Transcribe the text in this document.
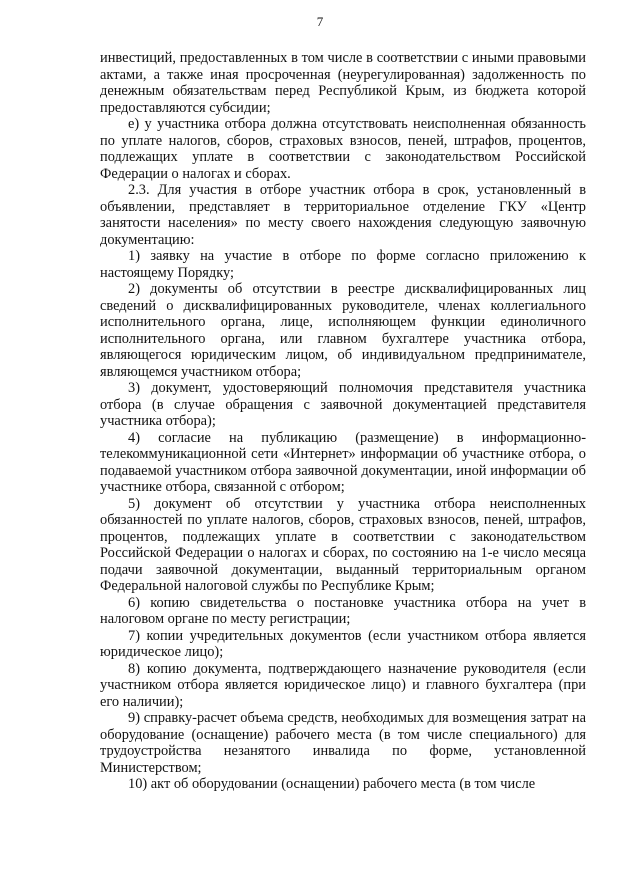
7

инвестиций, предоставленных в том числе в соответствии с иными правовыми актами, а также иная просроченная (неурегулированная) задолженность по денежным обязательствам перед Республикой Крым, из бюджета которой предоставляются субсидии;

е) у участника отбора должна отсутствовать неисполненная обязанность по уплате налогов, сборов, страховых взносов, пеней, штрафов, процентов, подлежащих уплате в соответствии с законодательством Российской Федерации о налогах и сборах.

2.3. Для участия в отборе участник отбора в срок, установленный в объявлении, представляет в территориальное отделение ГКУ «Центр занятости населения» по месту своего нахождения следующую заявочную документацию:

1) заявку на участие в отборе по форме согласно приложению к настоящему Порядку;

2) документы об отсутствии в реестре дисквалифицированных лиц сведений о дисквалифицированных руководителе, членах коллегиального исполнительного органа, лице, исполняющем функции единоличного исполнительного органа, или главном бухгалтере участника отбора, являющегося юридическим лицом, об индивидуальном предпринимателе, являющемся участником отбора;

3) документ, удостоверяющий полномочия представителя участника отбора (в случае обращения с заявочной документацией представителя участника отбора);

4) согласие на публикацию (размещение) в информационно-телекоммуникационной сети «Интернет» информации об участнике отбора, о подаваемой участником отбора заявочной документации, иной информации об участнике отбора, связанной с отбором;

5) документ об отсутствии у участника отбора неисполненных обязанностей по уплате налогов, сборов, страховых взносов, пеней, штрафов, процентов, подлежащих уплате в соответствии с законодательством Российской Федерации о налогах и сборах, по состоянию на 1-е число месяца подачи заявочной документации, выданный территориальным органом Федеральной налоговой службы по Республике Крым;

6) копию свидетельства о постановке участника отбора на учет в налоговом органе по месту регистрации;

7) копии учредительных документов (если участником отбора является юридическое лицо);

8) копию документа, подтверждающего назначение руководителя (если участником отбора является юридическое лицо) и главного бухгалтера (при его наличии);

9) справку-расчет объема средств, необходимых для возмещения затрат на оборудование (оснащение) рабочего места (в том числе специального) для трудоустройства незанятого инвалида по форме, установленной Министерством;

10) акт об оборудовании (оснащении) рабочего места (в том числе
